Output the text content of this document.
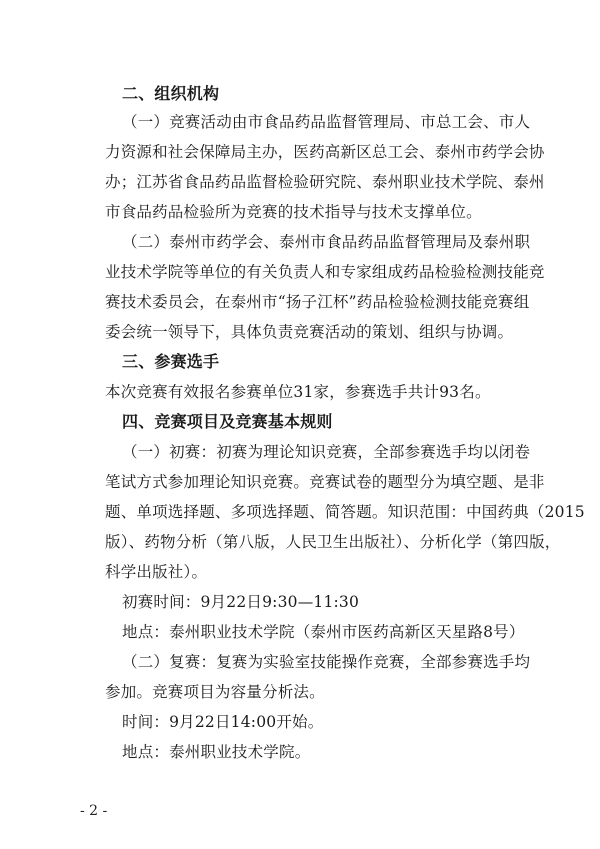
二、组织机构
（一）竞赛活动由市食品药品监督管理局、市总工会、市人
力资源和社会保障局主办，医药高新区总工会、泰州市药学会协
办；江苏省食品药品监督检验研究院、泰州职业技术学院、泰州
市食品药品检验所为竞赛的技术指导与技术支撑单位。
（二）泰州市药学会、泰州市食品药品监督管理局及泰州职
业技术学院等单位的有关负责人和专家组成药品检验检测技能竞
赛技术委员会，在泰州市“扬子江杯”药品检验检测技能竞赛组
委会统一领导下，具体负责竞赛活动的策划、组织与协调。
三、参赛选手
本次竞赛有效报名参赛单位31家，参赛选手共计93名。
四、竞赛项目及竞赛基本规则
（一）初赛：初赛为理论知识竞赛，全部参赛选手均以闭卷
笔试方式参加理论知识竞赛。竞赛试卷的题型分为填空题、是非
题、单项选择题、多项选择题、简答题。知识范围：中国药典（2015
版）、药物分析（第八版，人民卫生出版社）、分析化学（第四版，
科学出版社）。
初赛时间：9月22日9:30—11:30
地点：泰州职业技术学院（泰州市医药高新区天星路8号）
（二）复赛：复赛为实验室技能操作竞赛，全部参赛选手均
参加。竞赛项目为容量分析法。
时间：9月22日14:00开始。
地点：泰州职业技术学院。
- 2 -
